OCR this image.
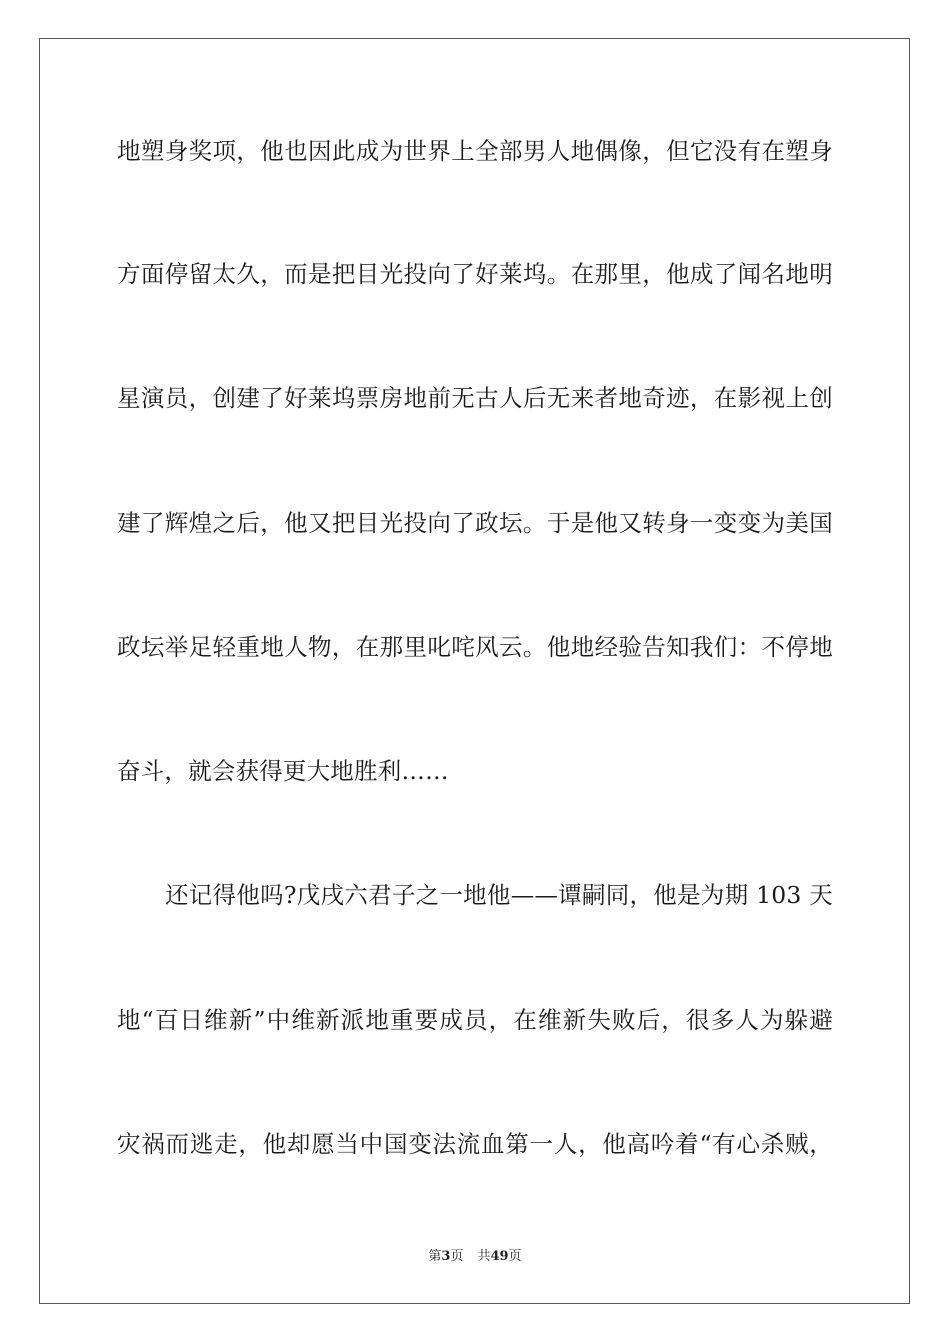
地塑身奖项，他也因此成为世界上全部男人地偶像，但它没有在塑身
方面停留太久，而是把目光投向了好莱坞。在那里，他成了闻名地明
星演员，创建了好莱坞票房地前无古人后无来者地奇迹，在影视上创
建了辉煌之后，他又把目光投向了政坛。于是他又转身一变变为美国
政坛举足轻重地人物，在那里叱咤风云。他地经验告知我们：不停地
奋斗，就会获得更大地胜利……
还记得他吗?戊戌六君子之一地他——谭嗣同，他是为期 103 天
地“百日维新”中维新派地重要成员，在维新失败后，很多人为躲避
灾祸而逃走，他却愿当中国变法流血第一人，他高吟着“有心杀贼，
第3页 共49页
